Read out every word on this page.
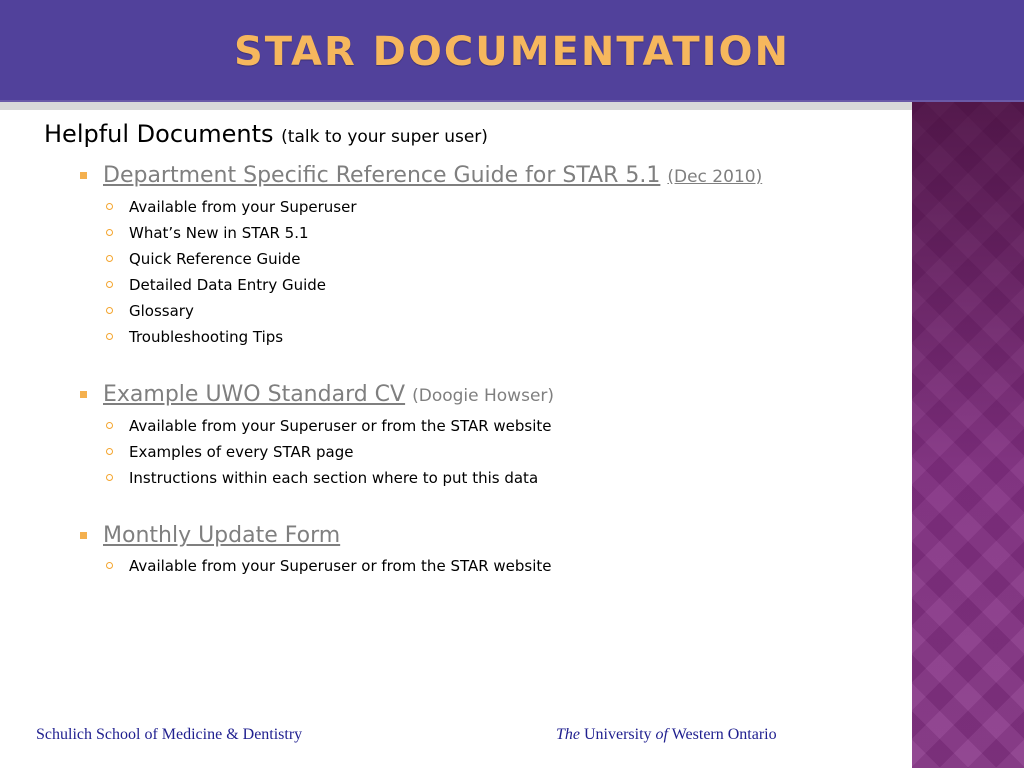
STAR DOCUMENTATION

Helpful Documents (talk to your super user)

Department Specific Reference Guide for STAR 5.1 (Dec 2010)
Available from your Superuser
What’s New in STAR 5.1
Quick Reference Guide
Detailed Data Entry Guide
Glossary
Troubleshooting Tips
Example UWO Standard CV (Doogie Howser)
Available from your Superuser or from the STAR website
Examples of every STAR page
Instructions within each section where to put this data
Monthly Update Form
Available from your Superuser or from the STAR website
Schulich School of Medicine & Dentistry	The University of Western Ontario
